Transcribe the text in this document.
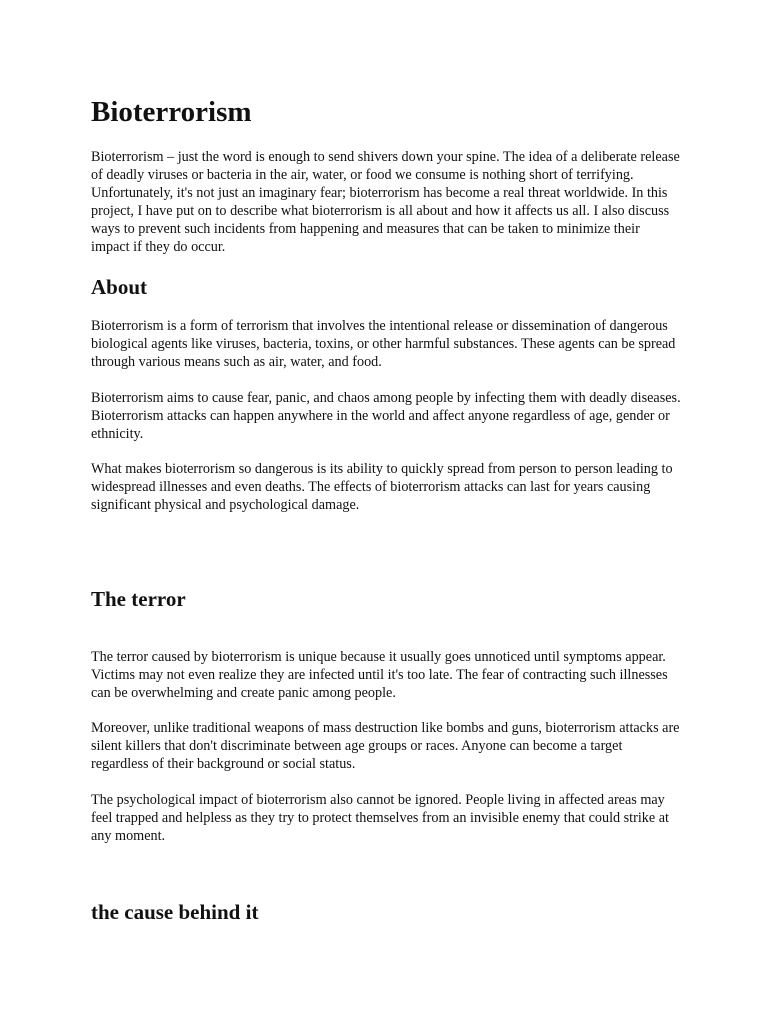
Bioterrorism

Bioterrorism – just the word is enough to send shivers down your spine. The idea of a deliberate release of deadly viruses or bacteria in the air, water, or food we consume is nothing short of terrifying. Unfortunately, it's not just an imaginary fear; bioterrorism has become a real threat worldwide. In this project, I have put on to describe what bioterrorism is all about and how it affects us all. I also discuss ways to prevent such incidents from happening and measures that can be taken to minimize their impact if they do occur.

About

Bioterrorism is a form of terrorism that involves the intentional release or dissemination of dangerous biological agents like viruses, bacteria, toxins, or other harmful substances. These agents can be spread through various means such as air, water, and food.

Bioterrorism aims to cause fear, panic, and chaos among people by infecting them with deadly diseases. Bioterrorism attacks can happen anywhere in the world and affect anyone regardless of age, gender or ethnicity.

What makes bioterrorism so dangerous is its ability to quickly spread from person to person leading to widespread illnesses and even deaths. The effects of bioterrorism attacks can last for years causing significant physical and psychological damage.

The terror

The terror caused by bioterrorism is unique because it usually goes unnoticed until symptoms appear. Victims may not even realize they are infected until it's too late. The fear of contracting such illnesses can be overwhelming and create panic among people.

Moreover, unlike traditional weapons of mass destruction like bombs and guns, bioterrorism attacks are silent killers that don't discriminate between age groups or races. Anyone can become a target regardless of their background or social status.

The psychological impact of bioterrorism also cannot be ignored. People living in affected areas may feel trapped and helpless as they try to protect themselves from an invisible enemy that could strike at any moment.

the cause behind it
